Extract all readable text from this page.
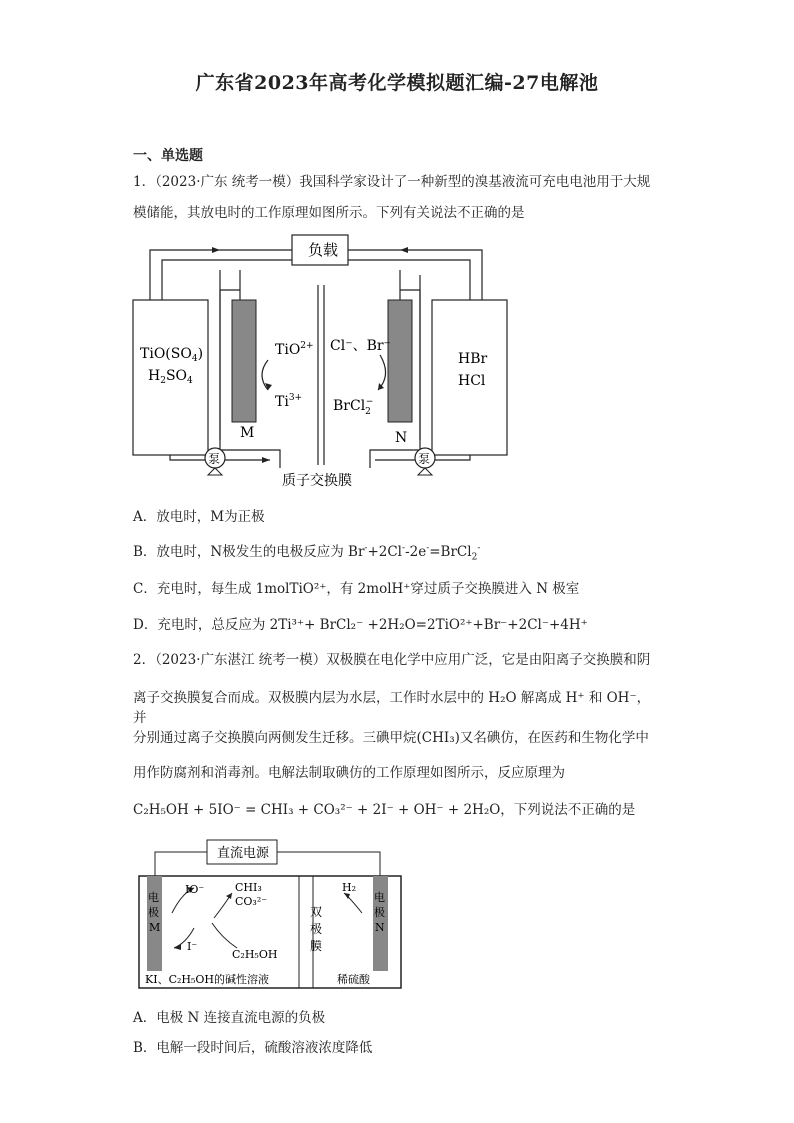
广东省2023年高考化学模拟题汇编-27电解池
一、单选题
1．（2023·广东 统考一模）我国科学家设计了一种新型的溴基液流可充电电池用于大规
模储能，其放电时的工作原理如图所示。下列有关说法不正确的是
负载
$TiO(SO_4)$
$H_2SO_4$
HBr
HCl
TiO$^{2+}$
$Ti^{3+}$
Cl⁻、Br⁻
BrCl$_2$−
M	N
泵	泵
质子交换膜
A．放电时，M为正极
B．放电时，N极发生的电极反应为 Br-+2Cl--2e-=BrCl$_2$-
C．充电时，每生成 1molTiO²⁺，有 2molH⁺穿过质子交换膜进入 N 极室
D．充电时，总反应为 2Ti³⁺+ BrCl₂⁻ +2H₂O=2TiO²⁺+Br⁻+2Cl⁻+4H⁺
2．（2023·广东湛江 统考一模）双极膜在电化学中应用广泛，它是由阳离子交换膜和阴
离子交换膜复合而成。双极膜内层为水层，工作时水层中的 H₂O 解离成 H⁺ 和 OH⁻，并
分别通过离子交换膜向两侧发生迁移。三碘甲烷(CHI₃)又名碘仿，在医药和生物化学中
用作防腐剂和消毒剂。电解法制取碘仿的工作原理如图所示，反应原理为
C₂H₅OH + 5IO⁻ = CHI₃ + CO₃²⁻ + 2I⁻ + OH⁻ + 2H₂O，下列说法不正确的是
直流电源
电
极
M
电
极
N
IO⁻
I⁻
CHI₃
CO₃²⁻
C₂H₅OH
双
极
膜
H₂
KI、C₂H₅OH的碱性溶液	稀硫酸
A．电极 N 连接直流电源的负极
B．电解一段时间后，硫酸溶液浓度降低
